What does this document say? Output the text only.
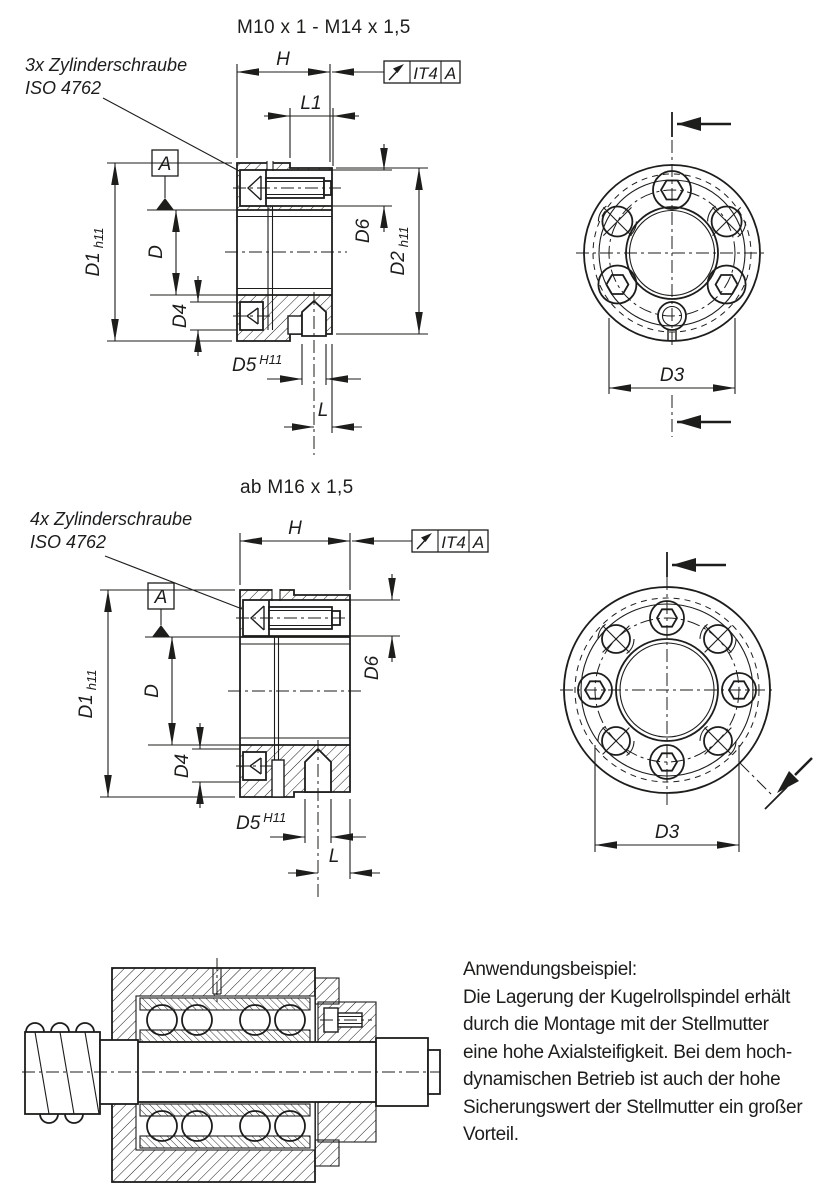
M10 x 1 - M14 x 1,5
3x Zylinderschraube
ISO 4762
H
IT4 A
L1
A
D
$D1_{h11}$
D4
D6
$D2_{h11}$
D5 $^{H11}$
L
D3
ab M16 x 1,5
4x Zylinderschraube
ISO 4762
H
IT4 A
A
D
$D1_{h11}$
D4
D6
D5 $^{H11}$
L
D3
Anwendungsbeispiel:
Die Lagerung der Kugelrollspindel erhält
durch die Montage mit der Stellmutter
eine hohe Axialsteifigkeit. Bei dem hoch-
dynamischen Betrieb ist auch der hohe
Sicherungswert der Stellmutter ein großer
Vorteil.
